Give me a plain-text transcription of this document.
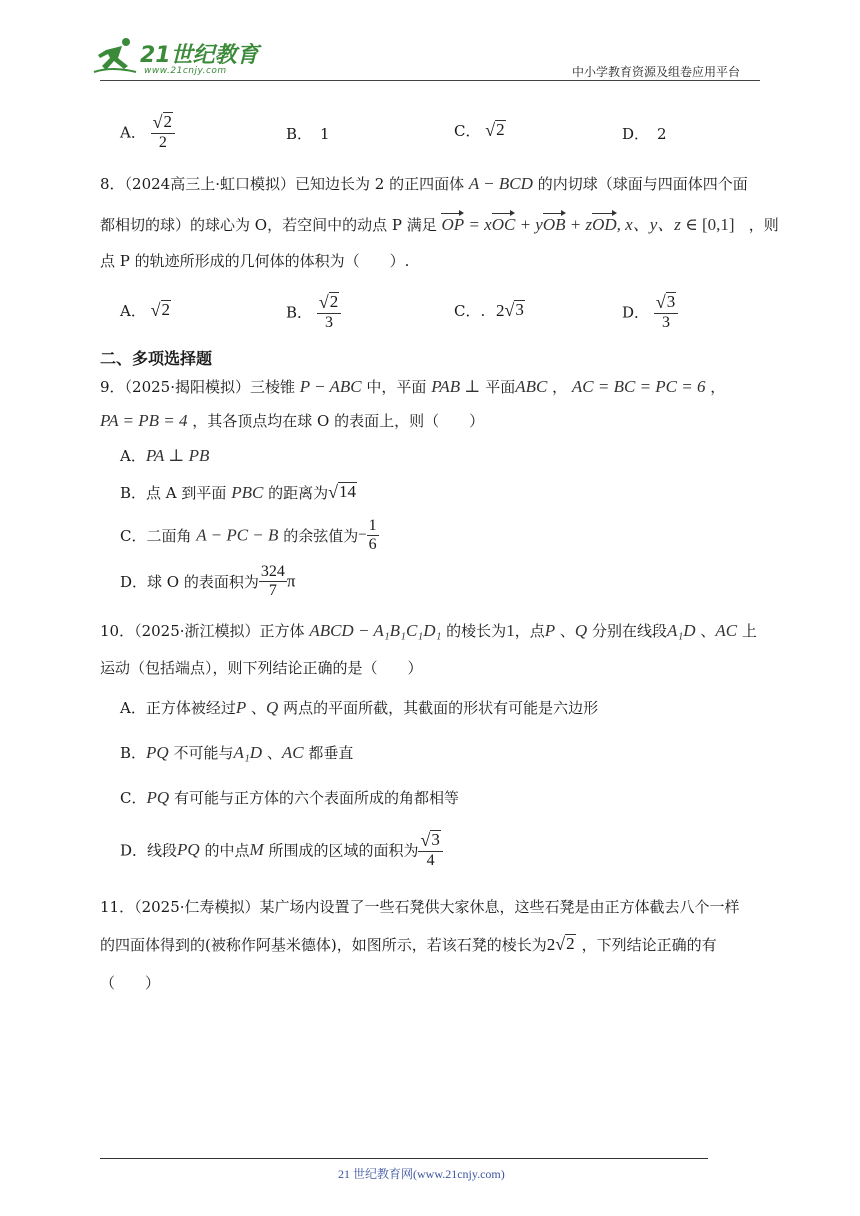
21世纪教育
www.21cnjy.com	中小学教育资源及组卷应用平台
A． $\frac{√ 2}{2}$	B． 1	C． √ 2	D． 2
8．（2024高三上·虹口模拟）已知边长为 2 的正四面体 A − BCD 的内切球（球面与四面体四个面
都相切的球）的球心为 O，若空间中的动点 P 满足 OP = xOC + yOB + zOD, x、y、z ∈ [0,1] ，则
点 P 的轨迹所形成的几何体的体积为（　　）.
A． √ 2	B． $\frac{√ 2}{3}$	C．. 2 √ 3	D． $\frac{√ 3}{3}$
二、多项选择题
9．（2025·揭阳模拟）三棱锥 P − ABC 中，平面 PAB ⊥ 平面ABC ， AC = BC = PC = 6 ，
PA = PB = 4 ，其各顶点均在球 O 的表面上，则（　　）
A．PA ⊥ PB
B．点 A 到平面 PBC 的距离为 √ 14
C．二面角 A − PC − B 的余弦值为− $\frac{1}{6}$
D．球 O 的表面积为 $\frac{324}{7}$ π
10．（2025·浙江模拟）正方体 ABCD − A₁B₁C₁D₁ 的棱长为1，点P 、Q 分别在线段A₁D 、AC 上
运动（包括端点），则下列结论正确的是（　　）
A．正方体被经过P 、Q 两点的平面所截，其截面的形状有可能是六边形
B．PQ 不可能与A₁D 、AC 都垂直
C．PQ 有可能与正方体的六个表面所成的角都相等
D．线段PQ 的中点M 所围成的区域的面积为 $\frac{√ 3}{4}$
11．（2025·仁寿模拟）某广场内设置了一些石凳供大家休息，这些石凳是由正方体截去八个一样
的四面体得到的(被称作阿基米德体)，如图所示，若该石凳的棱长为2 √ 2 ，下列结论正确的有
（　　）
21 世纪教育网(www.21cnjy.com)
